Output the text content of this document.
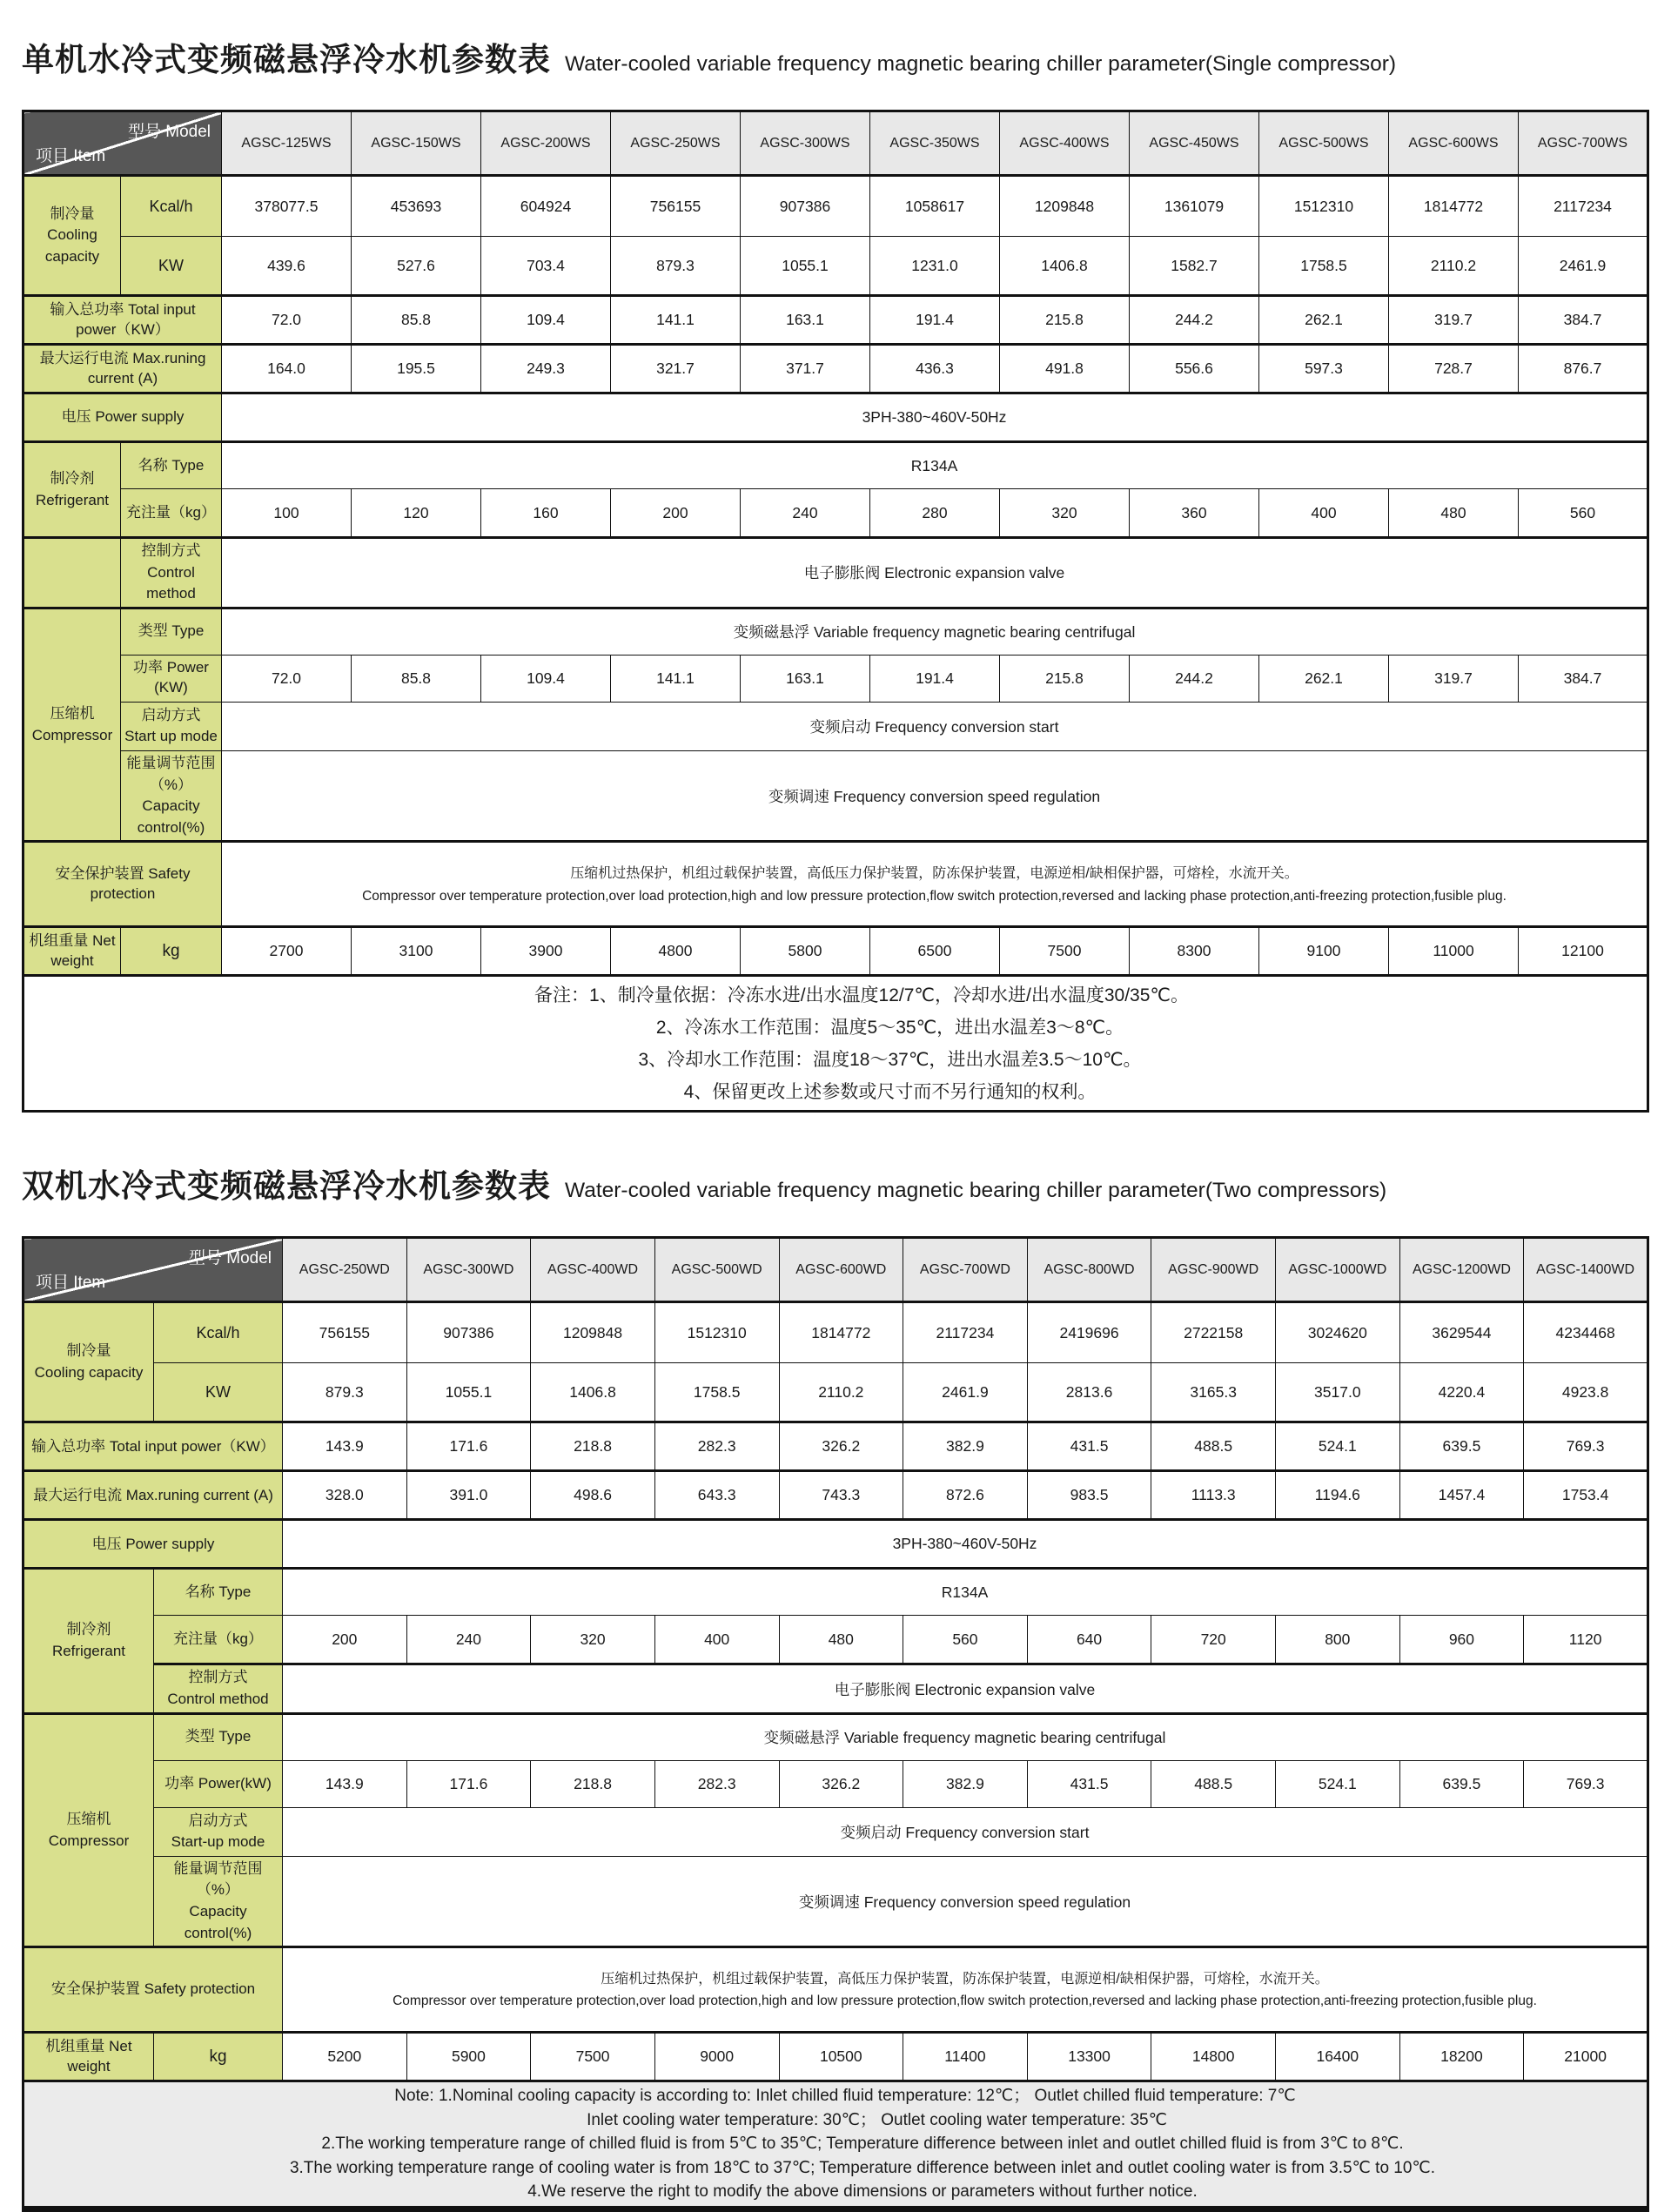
单机水冷式变频磁悬浮冷水机参数表 Water-cooled variable frequency magnetic bearing chiller parameter(Single compressor)
型号 Model
项目 Item		AGSC-125WS	AGSC-150WS	AGSC-200WS	AGSC-250WS	AGSC-300WS	AGSC-350WS	AGSC-400WS	AGSC-450WS	AGSC-500WS	AGSC-600WS	AGSC-700WS

制冷量
Cooling capacity	Kcal/h	378077.5	453693	604924	756155	907386	1058617	1209848	1361079	1512310	1814772	2117234
	KW	439.6	527.6	703.4	879.3	1055.1	1231.0	1406.8	1582.7	1758.5	2110.2	2461.9
输入总功率 Total input power（KW）		72.0	85.8	109.4	141.1	163.1	191.4	215.8	244.2	262.1	319.7	384.7
最大运行电流 Max.runing current (A)		164.0	195.5	249.3	321.7	371.7	436.3	491.8	556.6	597.3	728.7	876.7
电压 Power supply		3PH-380~460V-50Hz										

制冷剂
Refrigerant	名称 Type	R134A										
	充注量（kg）	100	120	160	200	240	280	320	360	400	480	560

	控制方式
Control method	电子膨胀阀 Electronic expansion valve										

压缩机
Compressor	类型 Type	变频磁悬浮 Variable frequency magnetic bearing centrifugal										
	功率 Power (KW)	72.0	85.8	109.4	141.1	163.1	191.4	215.8	244.2	262.1	319.7	384.7

	启动方式
Start up mode	变频启动 Frequency conversion start										

	能量调节范围（%）
Capacity control(%)	变频调速 Frequency conversion speed regulation										
安全保护装置 Safety protection		压缩机过热保护，机组过载保护装置，高低压力保护装置，防冻保护装置，电源逆相/缺相保护器，可熔栓，水流开关。
Compressor over temperature protection,over load protection,high and low pressure protection,flow switch protection,reversed and lacking phase protection,anti-freezing protection,fusible plug.										

机组重量 Net weight	kg	2700	3100	3900	4800	5800	6500	7500	8300	9100	11000	12100

备注：1、制冷量依据：冷冻水进/出水温度12/7℃，冷却水进/出水温度30/35℃。
2、冷冻水工作范围：温度5～35℃，进出水温差3～8℃。
3、冷却水工作范围：温度18～37℃，进出水温差3.5～10℃。
4、保留更改上述参数或尺寸而不另行通知的权利。												
双机水冷式变频磁悬浮冷水机参数表 Water-cooled variable frequency magnetic bearing chiller parameter(Two compressors)
型号 Model
项目 Item		AGSC-250WD	AGSC-300WD	AGSC-400WD	AGSC-500WD	AGSC-600WD	AGSC-700WD	AGSC-800WD	AGSC-900WD	AGSC-1000WD	AGSC-1200WD	AGSC-1400WD

制冷量
Cooling capacity	Kcal/h	756155	907386	1209848	1512310	1814772	2117234	2419696	2722158	3024620	3629544	4234468
	KW	879.3	1055.1	1406.8	1758.5	2110.2	2461.9	2813.6	3165.3	3517.0	4220.4	4923.8
输入总功率 Total input power（KW）		143.9	171.6	218.8	282.3	326.2	382.9	431.5	488.5	524.1	639.5	769.3
最大运行电流 Max.runing current (A)		328.0	391.0	498.6	643.3	743.3	872.6	983.5	1113.3	1194.6	1457.4	1753.4
电压 Power supply		3PH-380~460V-50Hz										

制冷剂
Refrigerant	名称 Type	R134A										
	充注量（kg）	200	240	320	400	480	560	640	720	800	960	1120

	控制方式
Control method	电子膨胀阀 Electronic expansion valve										

压缩机
Compressor	类型 Type	变频磁悬浮 Variable frequency magnetic bearing centrifugal										
	功率 Power(kW)	143.9	171.6	218.8	282.3	326.2	382.9	431.5	488.5	524.1	639.5	769.3

	启动方式
Start-up mode	变频启动 Frequency conversion start										

	能量调节范围（%）
Capacity control(%)	变频调速 Frequency conversion speed regulation										
安全保护装置 Safety protection		压缩机过热保护，机组过载保护装置，高低压力保护装置，防冻保护装置，电源逆相/缺相保护器，可熔栓，水流开关。
Compressor over temperature protection,over load protection,high and low pressure protection,flow switch protection,reversed and lacking phase protection,anti-freezing protection,fusible plug.										

机组重量 Net weight	kg	5200	5900	7500	9000	10500	11400	13300	14800	16400	18200	21000

Note: 1.Nominal cooling capacity is according to: Inlet chilled fluid temperature: 12℃； Outlet chilled fluid temperature: 7℃
Inlet cooling water temperature: 30℃； Outlet cooling water temperature: 35℃
2.The working temperature range of chilled fluid is from 5℃ to 35℃; Temperature difference between inlet and outlet chilled fluid is from 3℃ to 8℃.
3.The working temperature range of cooling water is from 18℃ to 37℃; Temperature difference between inlet and outlet cooling water is from 3.5℃ to 10℃.
4.We reserve the right to modify the above dimensions or parameters without further notice.												
